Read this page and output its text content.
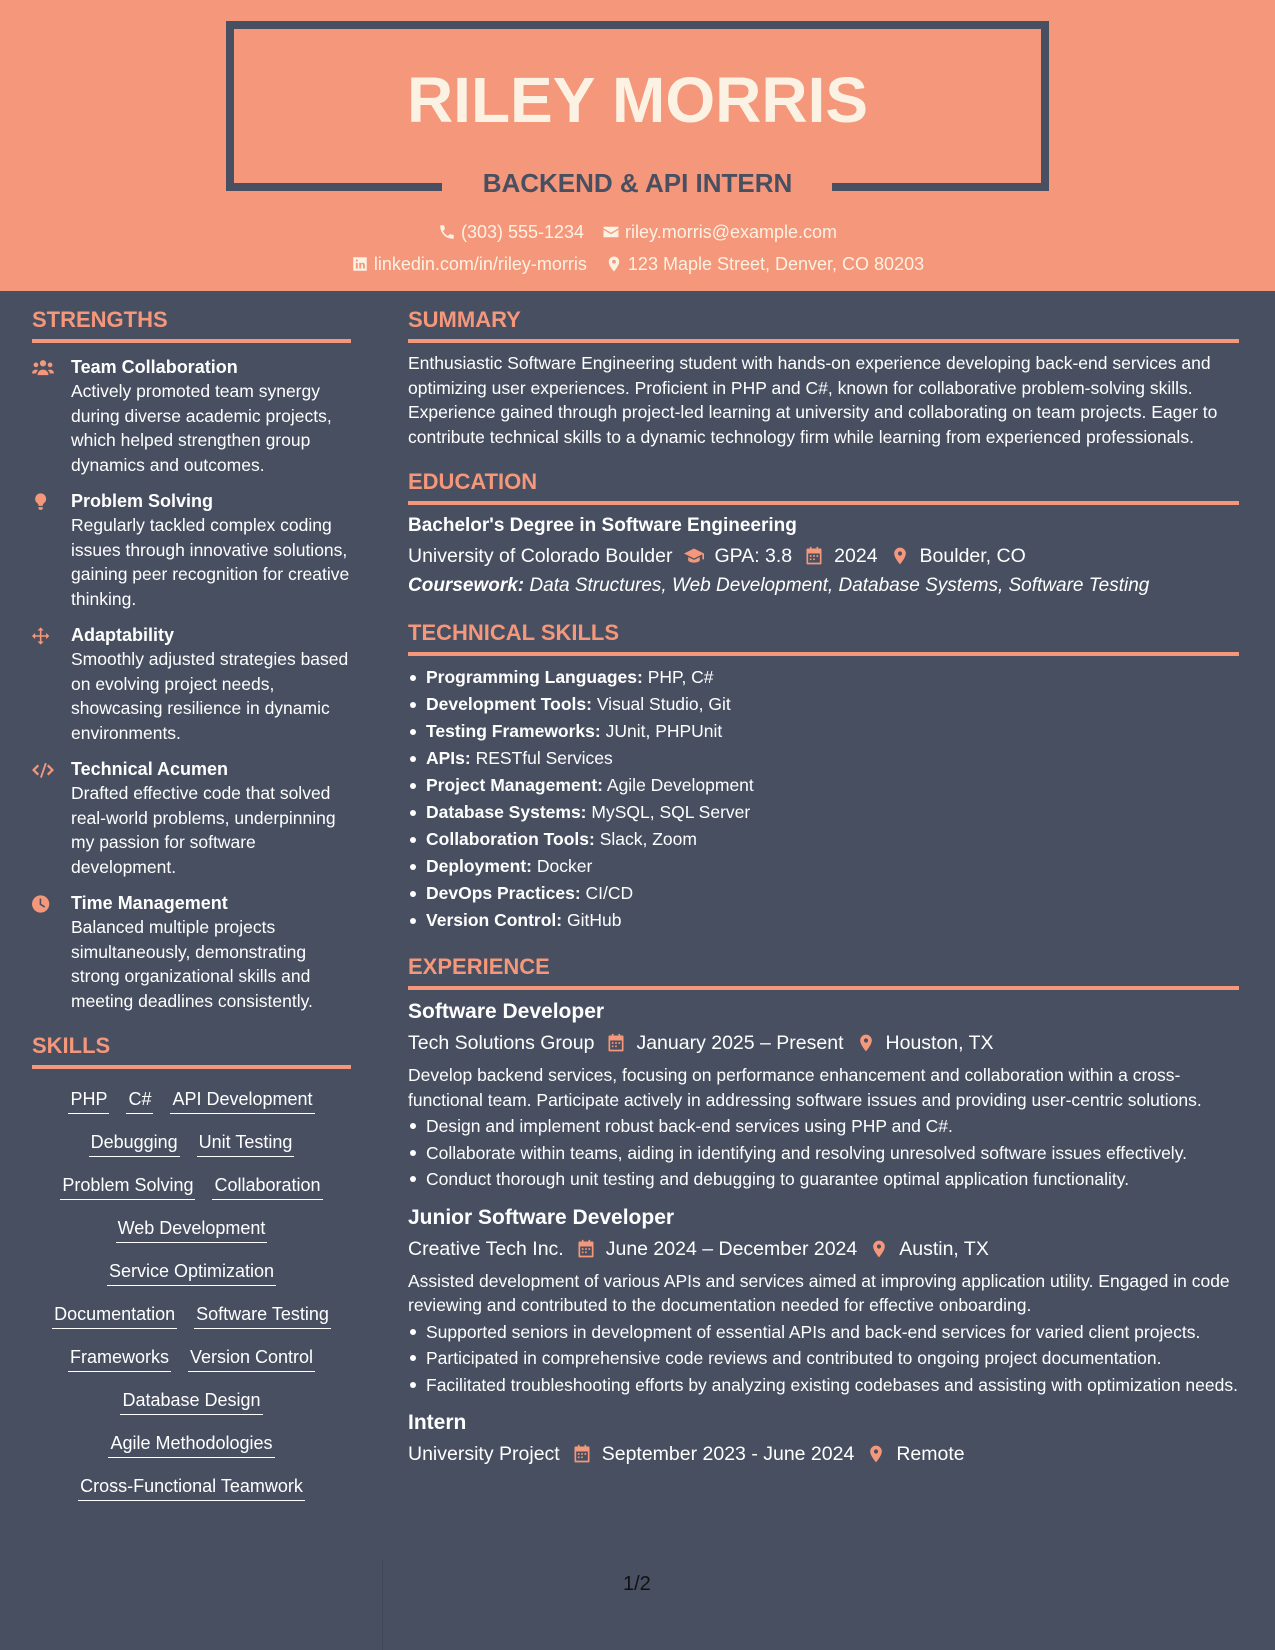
RILEY MORRIS
BACKEND & API INTERN
(303) 555-1234 riley.morris@example.com
linkedin.com/in/riley-morris 123 Maple Street, Denver, CO 80203
STRENGTHS
Team Collaboration
Actively promoted team synergy during diverse academic projects, which helped strengthen group dynamics and outcomes.
Problem Solving
Regularly tackled complex coding issues through innovative solutions, gaining peer recognition for creative thinking.
Adaptability
Smoothly adjusted strategies based on evolving project needs, showcasing resilience in dynamic environments.
Technical Acumen
Drafted effective code that solved real-world problems, underpinning my passion for software development.
Time Management
Balanced multiple projects simultaneously, demonstrating strong organizational skills and meeting deadlines consistently.
SKILLS
PHP C# API Development
Debugging Unit Testing
Problem Solving Collaboration
Web Development
Service Optimization
Documentation Software Testing
Frameworks Version Control
Database Design
Agile Methodologies
Cross-Functional Teamwork
SUMMARY
Enthusiastic Software Engineering student with hands-on experience developing back-end services and optimizing user experiences. Proficient in PHP and C#, known for collaborative problem-solving skills. Experience gained through project-led learning at university and collaborating on team projects. Eager to contribute technical skills to a dynamic technology firm while learning from experienced professionals.
EDUCATION
Bachelor's Degree in Software Engineering
University of Colorado Boulder GPA: 3.8 2024 Boulder, CO
Coursework: Data Structures, Web Development, Database Systems, Software Testing
TECHNICAL SKILLS
Programming Languages: PHP, C#
Development Tools: Visual Studio, Git
Testing Frameworks: JUnit, PHPUnit
APIs: RESTful Services
Project Management: Agile Development
Database Systems: MySQL, SQL Server
Collaboration Tools: Slack, Zoom
Deployment: Docker
DevOps Practices: CI/CD
Version Control: GitHub
EXPERIENCE
Software Developer
Tech Solutions Group January 2025 – Present Houston, TX
Develop backend services, focusing on performance enhancement and collaboration within a cross-functional team. Participate actively in addressing software issues and providing user-centric solutions.
Design and implement robust back-end services using PHP and C#.
Collaborate within teams, aiding in identifying and resolving unresolved software issues effectively.
Conduct thorough unit testing and debugging to guarantee optimal application functionality.
Junior Software Developer
Creative Tech Inc. June 2024 – December 2024 Austin, TX
Assisted development of various APIs and services aimed at improving application utility. Engaged in code reviewing and contributed to the documentation needed for effective onboarding.
Supported seniors in development of essential APIs and back-end services for varied client projects.
Participated in comprehensive code reviews and contributed to ongoing project documentation.
Facilitated troubleshooting efforts by analyzing existing codebases and assisting with optimization needs.
Intern
University Project September 2023 - June 2024 Remote
1/2
